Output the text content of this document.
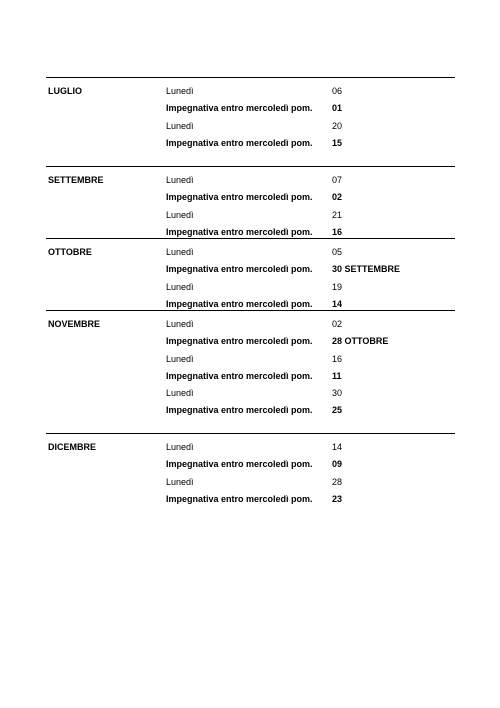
LUGLIO	Lunedì	06
Impegnativa entro mercoledì pom. 01
Lunedì	20
Impegnativa entro mercoledì pom. 15
SETTEMBRE	Lunedì	07
Impegnativa entro mercoledì pom. 02
Lunedì	21
Impegnativa entro mercoledì pom. 16
OTTOBRE	Lunedì	05
Impegnativa entro mercoledì pom. 30 SETTEMBRE
Lunedì	19
Impegnativa entro mercoledì pom. 14
NOVEMBRE	Lunedì	02
Impegnativa entro mercoledì pom. 28 OTTOBRE
Lunedì	16
Impegnativa entro mercoledì pom. 11
Lunedì	30
Impegnativa entro mercoledì pom. 25
DICEMBRE	Lunedì	14
Impegnativa entro mercoledì pom. 09
Lunedì	28
Impegnativa entro mercoledì pom. 23
